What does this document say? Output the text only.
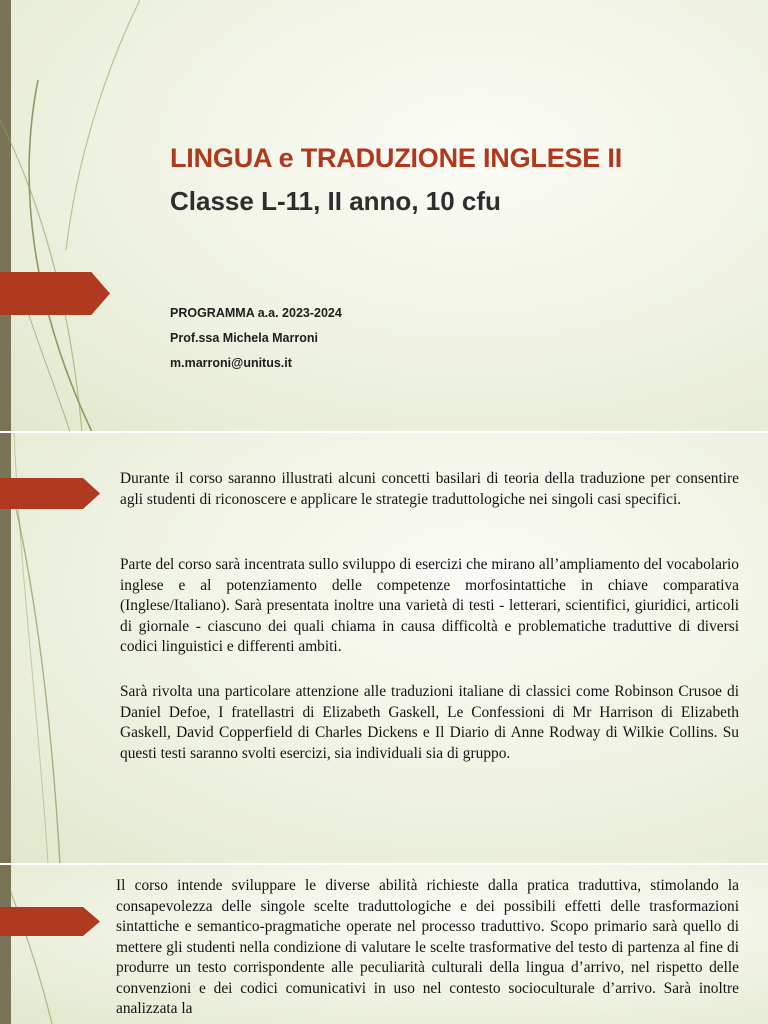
LINGUA e TRADUZIONE INGLESE II
Classe L-11, II anno, 10 cfu
PROGRAMMA a.a. 2023-2024
Prof.ssa Michela Marroni
m.marroni@unitus.it

Durante il corso saranno illustrati alcuni concetti basilari di teoria della traduzione per consentire agli studenti di riconoscere e applicare le strategie traduttologiche nei singoli casi specifici.

Parte del corso sarà incentrata sullo sviluppo di esercizi che mirano all’ampliamento del vocabolario inglese e al potenziamento delle competenze morfosintattiche in chiave comparativa (Inglese/Italiano). Sarà presentata inoltre una varietà di testi - letterari, scientifici, giuridici, articoli di giornale - ciascuno dei quali chiama in causa difficoltà e problematiche traduttive di diversi codici linguistici e differenti ambiti.

Sarà rivolta una particolare attenzione alle traduzioni italiane di classici come Robinson Crusoe di Daniel Defoe, I fratellastri di Elizabeth Gaskell, Le Confessioni di Mr Harrison di Elizabeth Gaskell, David Copperfield di Charles Dickens e Il Diario di Anne Rodway di Wilkie Collins. Su questi testi saranno svolti esercizi, sia individuali sia di gruppo.

Il corso intende sviluppare le diverse abilità richieste dalla pratica traduttiva, stimolando la consapevolezza delle singole scelte traduttologiche e dei possibili effetti delle trasformazioni sintattiche e semantico-pragmatiche operate nel processo traduttivo. Scopo primario sarà quello di mettere gli studenti nella condizione di valutare le scelte trasformative del testo di partenza al fine di produrre un testo corrispondente alle peculiarità culturali della lingua d’arrivo, nel rispetto delle convenzioni e dei codici comunicativi in uso nel contesto socioculturale d’arrivo. Sarà inoltre analizzata la
